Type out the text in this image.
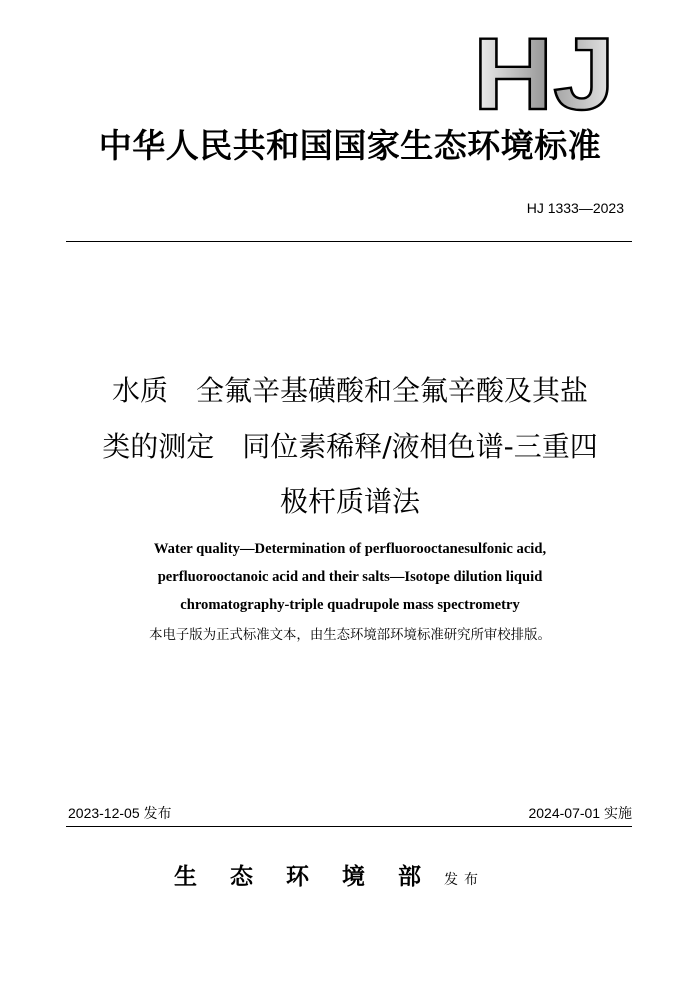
HJ
中华人民共和国国家生态环境标准
HJ 1333—2023
水质　全氟辛基磺酸和全氟辛酸及其盐
类的测定　同位素稀释/液相色谱-三重四
极杆质谱法
Water quality—Determination of perfluorooctanesulfonic acid,
perfluorooctanoic acid and their salts—Isotope dilution liquid
chromatography-triple quadrupole mass spectrometry
本电子版为正式标准文本，由生态环境部环境标准研究所审校排版。
2023-12-05 发布	2024-07-01 实施
生态环境部
发布
